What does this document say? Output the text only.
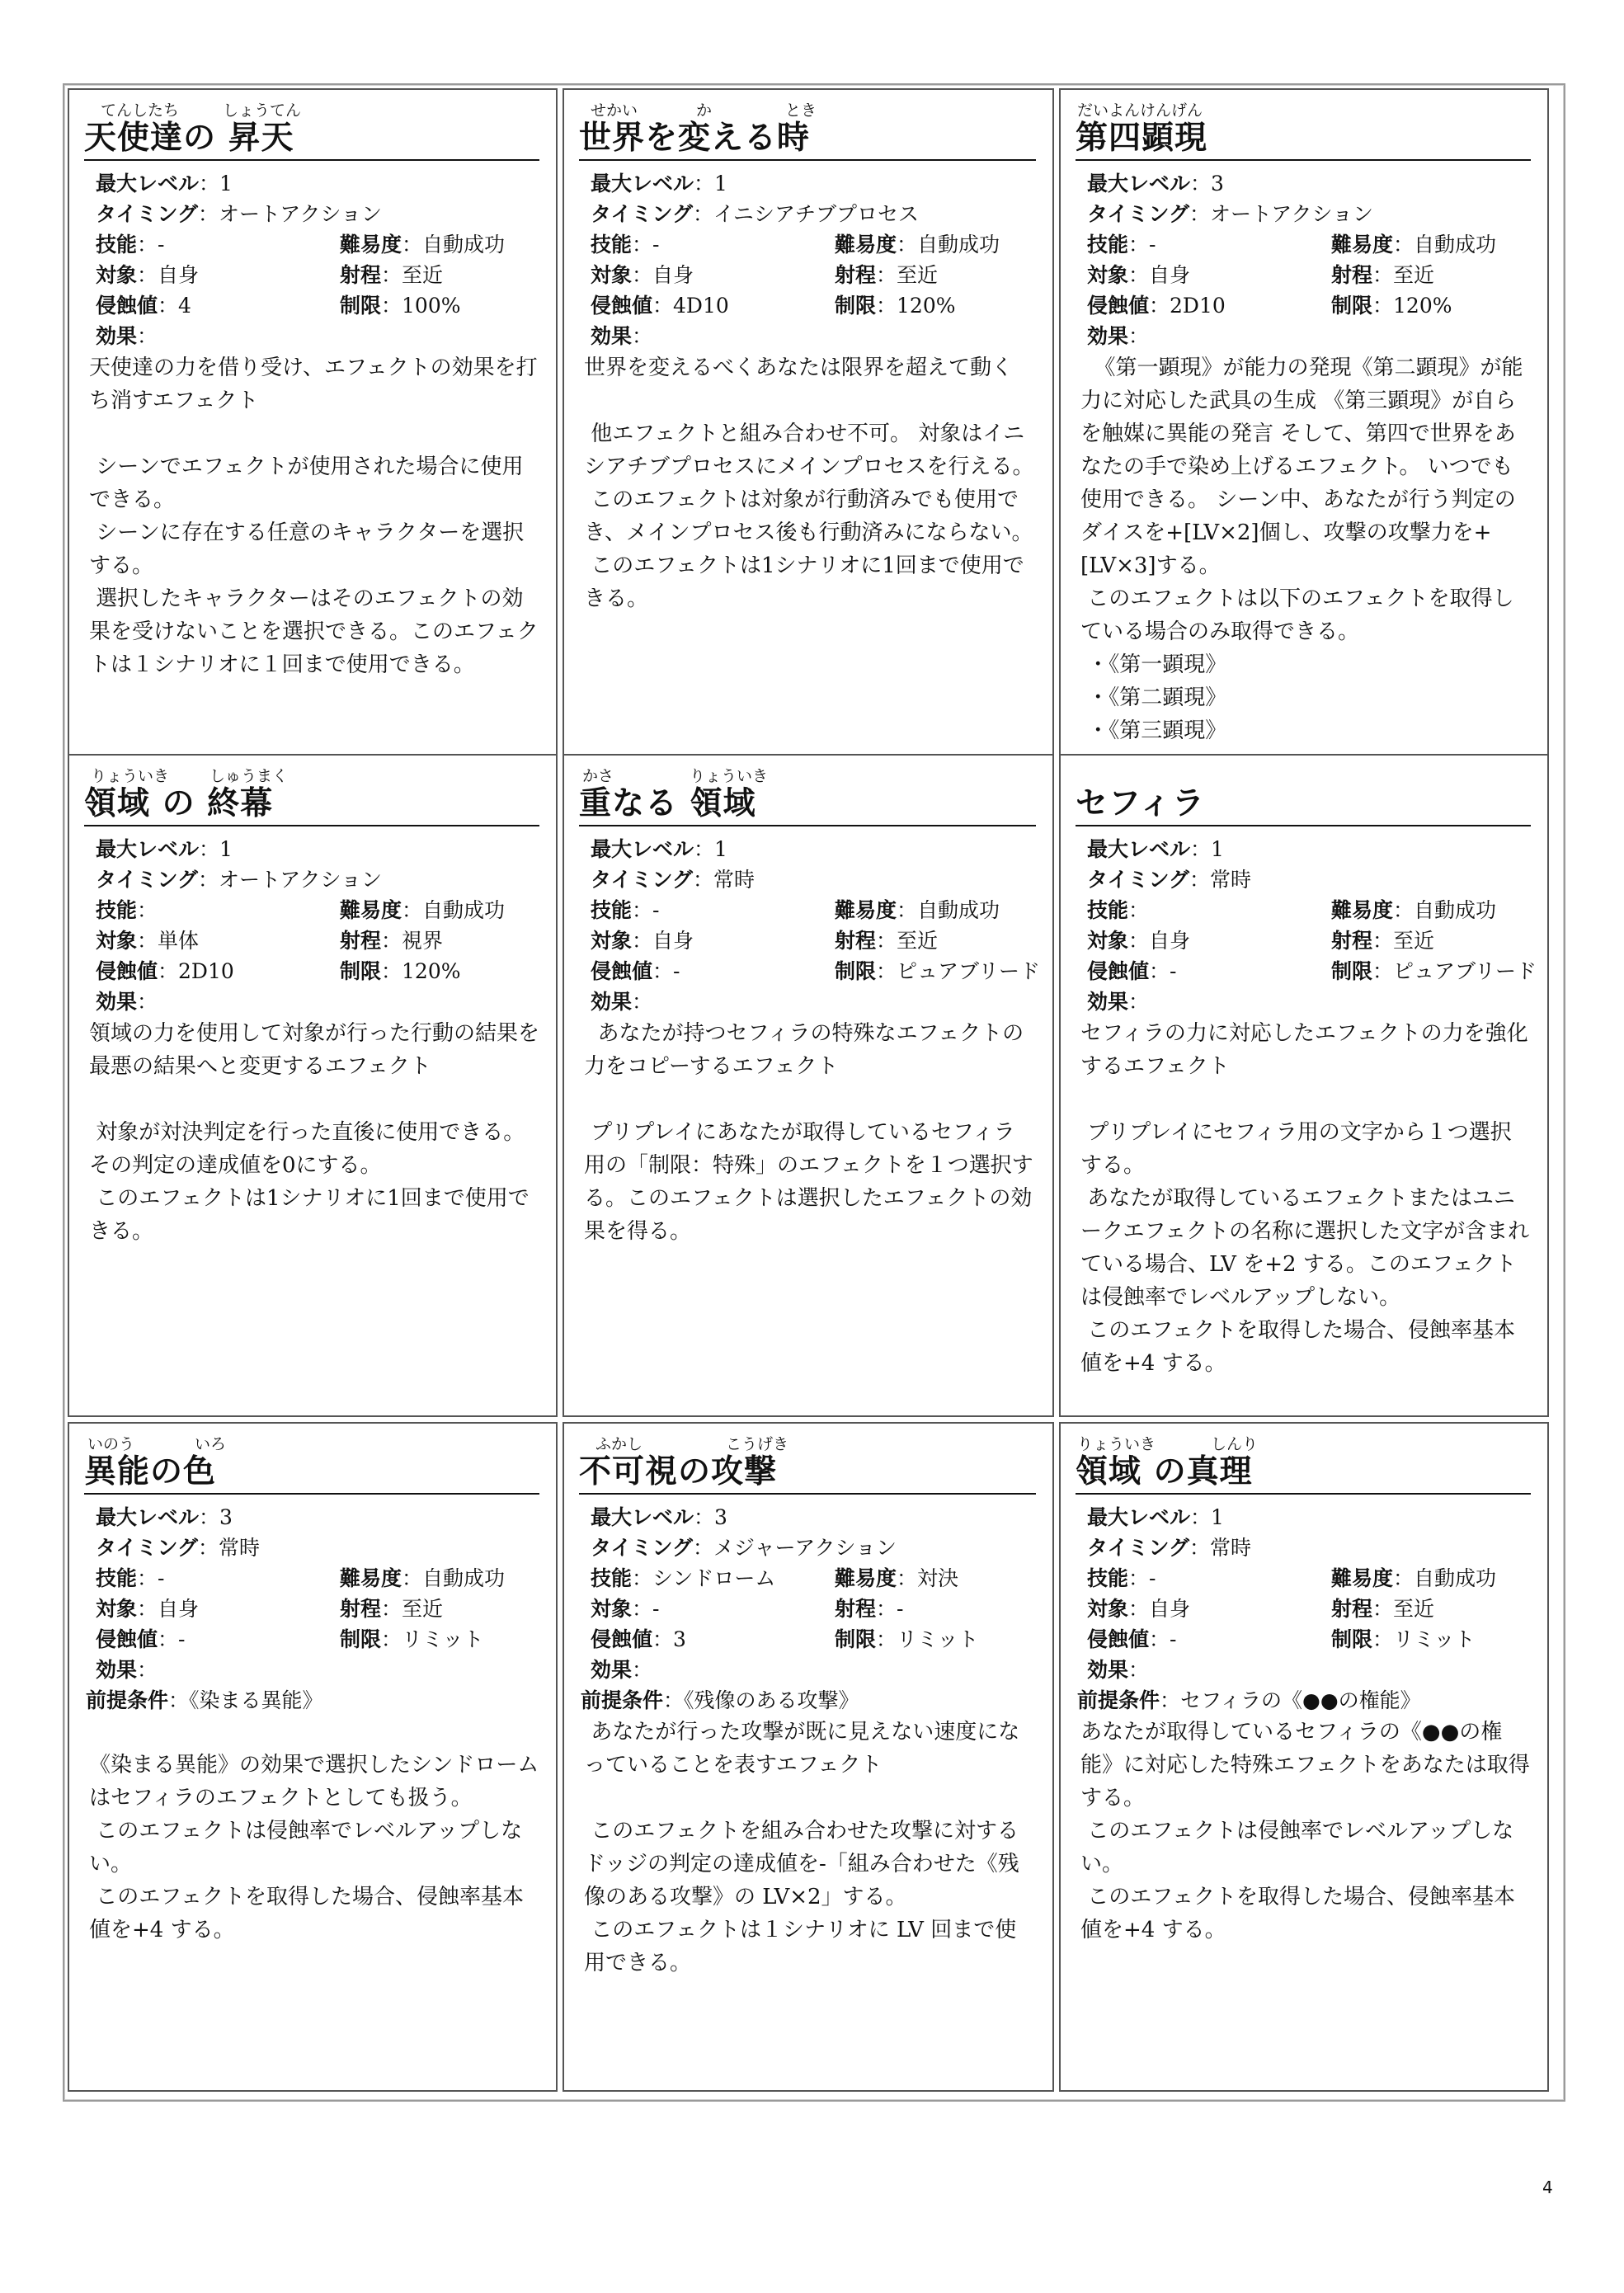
てんしたち	しょうてん
天使達の 昇天
最大レベル：1
タイミング：オートアクション
技能：-	難易度：自動成功
対象：自身	射程：至近
侵蝕値：4	制限：100%
効果：

天使達の力を借り受け、エフェクトの効果を打ち消すエフェクト

シーンでエフェクトが使用された場合に使用できる。

シーンに存在する任意のキャラクターを選択する。

選択したキャラクターはそのエフェクトの効果を受けないことを選択できる。このエフェクトは１シナリオに１回まで使用できる。

せかい	か	とき
世界を変える時
最大レベル：1
タイミング：イニシアチブプロセス
技能：-	難易度：自動成功
対象：自身	射程：至近
侵蝕値：4D10	制限：120%
効果：

世界を変えるべくあなたは限界を超えて動く

他エフェクトと組み合わせ不可。 対象はイニシアチブプロセスにメインプロセスを行える。

このエフェクトは対象が行動済みでも使用でき、メインプロセス後も行動済みにならない。

このエフェクトは1シナリオに1回まで使用できる。

だいよんけんげん
第四顕現
最大レベル：3
タイミング：オートアクション
技能：-	難易度：自動成功
対象：自身	射程：至近
侵蝕値：2D10	制限：120%
効果：

《第一顕現》が能力の発現《第二顕現》が能力に対応した武具の生成 《第三顕現》が自らを触媒に異能の発言 そして、第四で世界をあなたの手で染め上げるエフェクト。 いつでも使用できる。 シーン中、あなたが行う判定のダイスを+[LV×2]個し、攻撃の攻撃力を+[LV×3]する。

このエフェクトは以下のエフェクトを取得している場合のみ取得できる。

・《第一顕現》

・《第二顕現》

・《第三顕現》

りょういき	しゅうまく
領域 の 終幕
最大レベル：1
タイミング：オートアクション
技能：	難易度：自動成功
対象：単体	射程：視界
侵蝕値：2D10	制限：120%
効果：

領域の力を使用して対象が行った行動の結果を最悪の結果へと変更するエフェクト

対象が対決判定を行った直後に使用できる。 その判定の達成値を0にする。

このエフェクトは1シナリオに1回まで使用できる。

かさ	りょういき
重なる 領域
最大レベル：1
タイミング：常時
技能：-	難易度：自動成功
対象：自身	射程：至近
侵蝕値：-	制限：ピュアブリード
効果：

あなたが持つセフィラの特殊なエフェクトの力をコピーするエフェクト

プリプレイにあなたが取得しているセフィラ用の「制限：特殊」のエフェクトを１つ選択する。このエフェクトは選択したエフェクトの効果を得る。

セフィラ
最大レベル：1
タイミング：常時
技能：	難易度：自動成功
対象：自身	射程：至近
侵蝕値：-	制限：ピュアブリード
効果：

セフィラの力に対応したエフェクトの力を強化するエフェクト

プリプレイにセフィラ用の文字から１つ選択する。

あなたが取得しているエフェクトまたはユニークエフェクトの名称に選択した文字が含まれている場合、LV を+2 する。このエフェクトは侵蝕率でレベルアップしない。

このエフェクトを取得した場合、侵蝕率基本値を+4 する。

いのう	いろ
異能の色
最大レベル：3
タイミング：常時
技能：-	難易度：自動成功
対象：自身	射程：至近
侵蝕値：-	制限：リミット
効果：
前提条件：《染まる異能》

《染まる異能》の効果で選択したシンドロームはセフィラのエフェクトとしても扱う。

このエフェクトは侵蝕率でレベルアップしない。

このエフェクトを取得した場合、侵蝕率基本値を+4 する。

ふかし	こうげき
不可視の攻撃
最大レベル：3
タイミング：メジャーアクション
技能：シンドローム	難易度：対決
対象：-	射程：-
侵蝕値：3	制限：リミット
効果：
前提条件：《残像のある攻撃》

あなたが行った攻撃が既に見えない速度になっていることを表すエフェクト

このエフェクトを組み合わせた攻撃に対するドッジの判定の達成値を-「組み合わせた《残像のある攻撃》の LV×2」する。

このエフェクトは１シナリオに LV 回まで使用できる。

りょういき	しんり
領域 の真理
最大レベル：1
タイミング：常時
技能：-	難易度：自動成功
対象：自身	射程：至近
侵蝕値：-	制限：リミット
効果：
前提条件：セフィラの《●●の権能》

あなたが取得しているセフィラの《●●の権能》に対応した特殊エフェクトをあなたは取得する。

このエフェクトは侵蝕率でレベルアップしない。

このエフェクトを取得した場合、侵蝕率基本値を+4 する。

4
